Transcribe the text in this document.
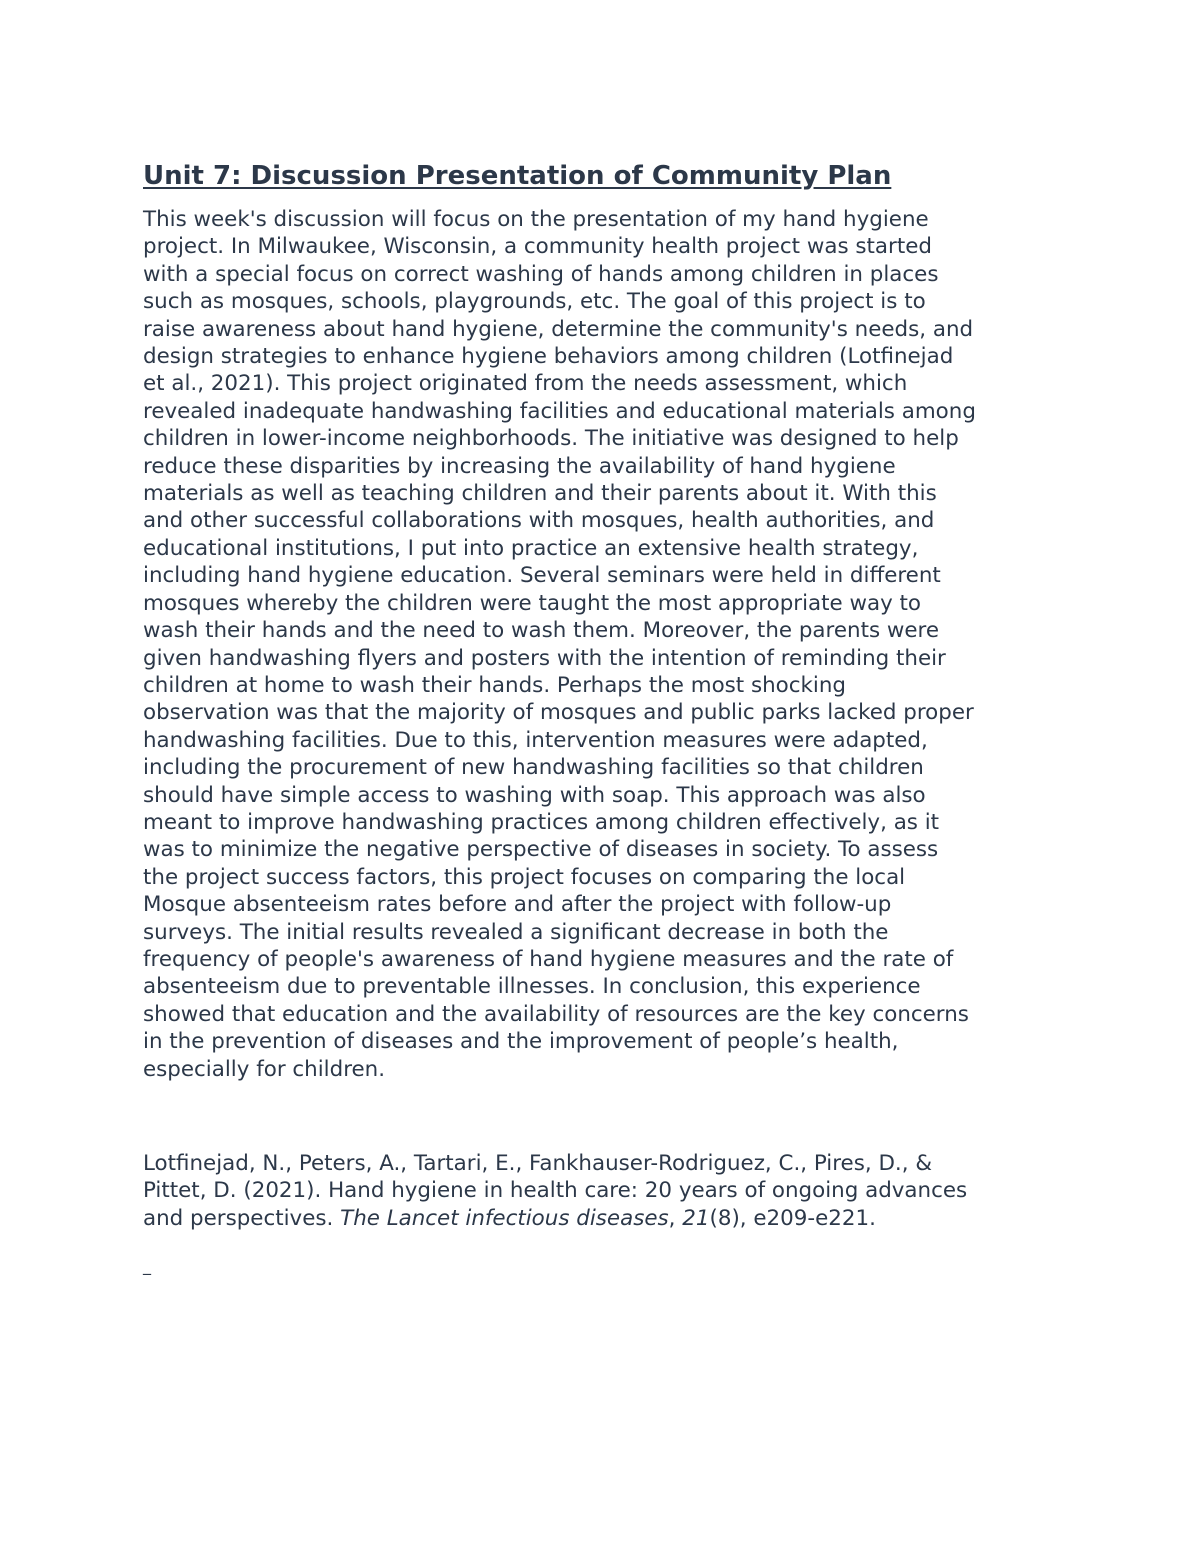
Unit 7: Discussion Presentation of Community Plan

This week's discussion will focus on the presentation of my hand hygiene
project. In Milwaukee, Wisconsin, a community health project was started
with a special focus on correct washing of hands among children in places
such as mosques, schools, playgrounds, etc. The goal of this project is to
raise awareness about hand hygiene, determine the community's needs, and
design strategies to enhance hygiene behaviors among children (Lotfinejad
et al., 2021). This project originated from the needs assessment, which
revealed inadequate handwashing facilities and educational materials among
children in lower-income neighborhoods. The initiative was designed to help
reduce these disparities by increasing the availability of hand hygiene
materials as well as teaching children and their parents about it. With this
and other successful collaborations with mosques, health authorities, and
educational institutions, I put into practice an extensive health strategy,
including hand hygiene education. Several seminars were held in different
mosques whereby the children were taught the most appropriate way to
wash their hands and the need to wash them. Moreover, the parents were
given handwashing flyers and posters with the intention of reminding their
children at home to wash their hands. Perhaps the most shocking
observation was that the majority of mosques and public parks lacked proper
handwashing facilities. Due to this, intervention measures were adapted,
including the procurement of new handwashing facilities so that children
should have simple access to washing with soap. This approach was also
meant to improve handwashing practices among children effectively, as it
was to minimize the negative perspective of diseases in society. To assess
the project success factors, this project focuses on comparing the local
Mosque absenteeism rates before and after the project with follow-up
surveys. The initial results revealed a significant decrease in both the
frequency of people's awareness of hand hygiene measures and the rate of
absenteeism due to preventable illnesses. In conclusion, this experience
showed that education and the availability of resources are the key concerns
in the prevention of diseases and the improvement of people’s health,
especially for children.

Lotfinejad, N., Peters, A., Tartari, E., Fankhauser-Rodriguez, C., Pires, D., &
Pittet, D. (2021). Hand hygiene in health care: 20 years of ongoing advances
and perspectives. The Lancet infectious diseases, 21(8), e209-e221.

_
